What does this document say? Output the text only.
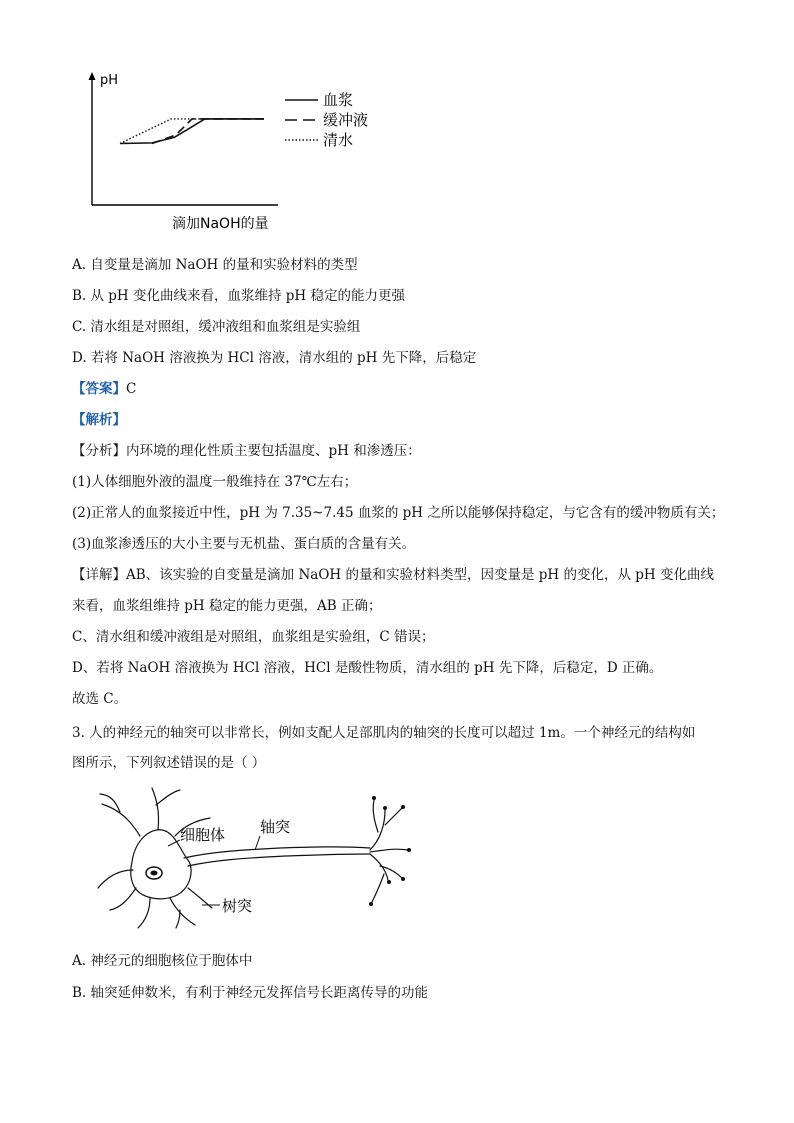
pH
滴加NaOH的量
血浆
缓冲液
清水
A. 自变量是滴加 NaOH 的量和实验材料的类型
B. 从 pH 变化曲线来看，血浆维持 pH 稳定的能力更强
C. 清水组是对照组，缓冲液组和血浆组是实验组
D. 若将 NaOH 溶液换为 HCl 溶液，清水组的 pH 先下降，后稳定
【答案】C
【解析】
【分析】内环境的理化性质主要包括温度、pH 和渗透压：
(1)人体细胞外液的温度一般维持在 37℃左右；
(2)正常人的血浆接近中性，pH 为 7.35~7.45 血浆的 pH 之所以能够保持稳定，与它含有的缓冲物质有关；
(3)血浆渗透压的大小主要与无机盐、蛋白质的含量有关。
【详解】AB、该实验的自变量是滴加 NaOH 的量和实验材料类型，因变量是 pH 的变化，从 pH 变化曲线
来看，血浆组维持 pH 稳定的能力更强，AB 正确；
C、清水组和缓冲液组是对照组，血浆组是实验组，C 错误；
D、若将 NaOH 溶液换为 HCl 溶液，HCl 是酸性物质，清水组的 pH 先下降，后稳定，D 正确。
故选 C。
3. 人的神经元的轴突可以非常长，例如支配人足部肌肉的轴突的长度可以超过 1m。一个神经元的结构如
图所示，下列叙述错误的是（ ）
细胞体 轴突
树突
A. 神经元的细胞核位于胞体中
B. 轴突延伸数米，有利于神经元发挥信号长距离传导的功能
